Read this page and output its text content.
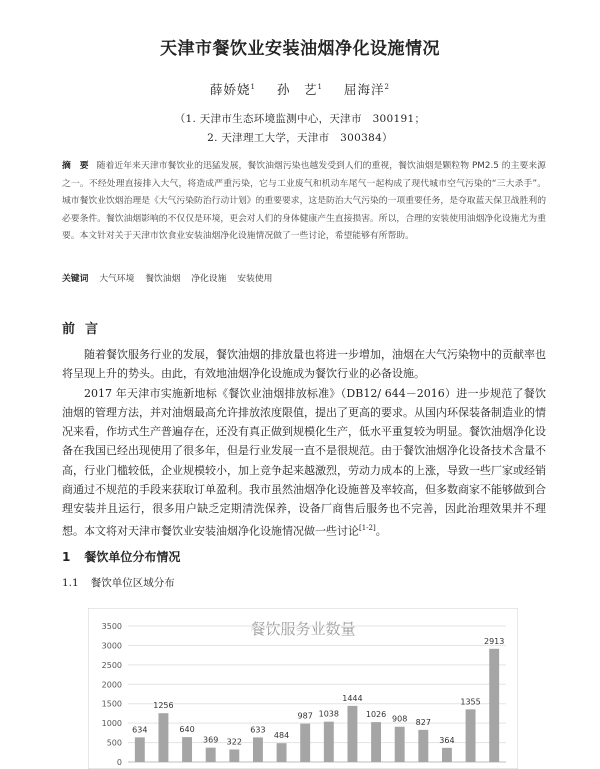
天津市餐饮业安装油烟净化设施情况
薛娇娆$^1$ 孙　艺$^1$ 屈海洋$^2$
（1. 天津市生态环境监测中心，天津市　300191；
2. 天津理工大学，天津市　300384）
摘　要 随着近年来天津市餐饮业的迅猛发展，餐饮油烟污染也越发受到人们的重视，餐饮油烟是颗粒物 PM2.5 的主要来源之一。不经处理直接排入大气，将造成严重污染，它与工业废气和机动车尾气一起构成了现代城市空气污染的“三大杀手”。城市餐饮业饮烟治理是《大气污染防治行动计划》的重要要求，这是防治大气污染的一项重要任务，是夺取蓝天保卫战胜利的必要条件。餐饮油烟影响的不仅仅是环境，更会对人们的身体健康产生直接损害。所以，合理的安装使用油烟净化设施尤为重要。本文针对关于天津市饮食业安装油烟净化设施情况做了一些讨论，希望能够有所帮助。
关键词 大气环境 餐饮油烟 净化设施 安装使用
前言

随着餐饮服务行业的发展，餐饮油烟的排放量也将进一步增加，油烟在大气污染物中的贡献率也将呈现上升的势头。由此，有效地油烟净化设施成为餐饮行业的必备设施。

2017 年天津市实施新地标《餐饮业油烟排放标准》（DB12/ 644－2016）进一步规范了餐饮油烟的管理方法，并对油烟最高允许排放浓度限值，提出了更高的要求。从国内环保装备制造业的情况来看，作坊式生产普遍存在，还没有真正做到规模化生产，低水平重复较为明显。餐饮油烟净化设备在我国已经出现使用了很多年，但是行业发展一直不是很规范。由于餐饮油烟净化设备技术含量不高，行业门槛较低，企业规模较小，加上竞争起来越激烈，劳动力成本的上涨，导致一些厂家或经销商通过不规范的手段来获取订单盈利。我市虽然油烟净化设施普及率较高，但多数商家不能够做到合理安装并且运行，很多用户缺乏定期清洗保养，设备厂商售后服务也不完善，因此治理效果并不理想。本文将对天津市餐饮业安装油烟净化设施情况做一些讨论[1-2]。

1 餐饮单位分布情况
1.1 餐饮单位区域分布
餐饮服务业数量
0
500
1000
1500
2000
2500
3000
3500
634
1256
640
369 322
633
484
987 1038
1444
1026
908 827
364
1355
2913
